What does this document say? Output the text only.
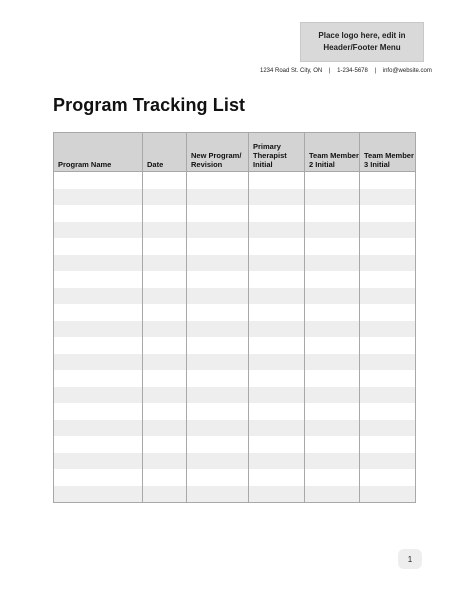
Place logo here, edit in Header/Footer Menu
1234 Road St. City, ON | 1-234-5678 | info@website.com
Program Tracking List
Program Name	Date	New Program/ Revision	Primary Therapist Initial	Team Member 2 Initial	Team Member 3 Initial

1
